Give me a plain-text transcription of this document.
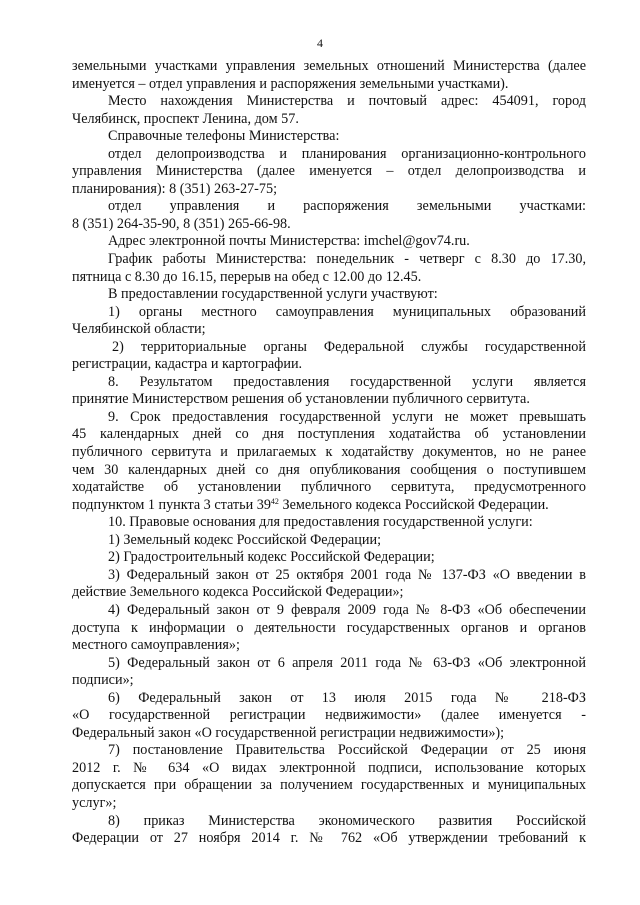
4
земельными участками управления земельных отношений Министерства (далее
именуется – отдел управления и распоряжения земельными участками).
Место нахождения Министерства и почтовый адрес: 454091, город
Челябинск, проспект Ленина, дом 57.
Справочные телефоны Министерства:
отдел делопроизводства и планирования организационно-контрольного
управления Министерства (далее именуется – отдел делопроизводства и
планирования): 8 (351) 263-27-75;
отдел управления и распоряжения земельными участками:
8 (351) 264-35-90, 8 (351) 265-66-98.
Адрес электронной почты Министерства: imchel@gov74.ru.
График работы Министерства: понедельник - четверг с 8.30 до 17.30,
пятница с 8.30 до 16.15, перерыв на обед с 12.00 до 12.45.
В предоставлении государственной услуги участвуют:
1) органы местного самоуправления муниципальных образований
Челябинской области;
2) территориальные органы Федеральной службы государственной
регистрации, кадастра и картографии.
8. Результатом предоставления государственной услуги является
принятие Министерством решения об установлении публичного сервитута.
9. Срок предоставления государственной услуги не может превышать
45 календарных дней со дня поступления ходатайства об установлении
публичного сервитута и прилагаемых к ходатайству документов, но не ранее
чем 30 календарных дней со дня опубликования сообщения о поступившем
ходатайстве об установлении публичного сервитута, предусмотренного
подпунктом 1 пункта 3 статьи $39^{42}$ Земельного кодекса Российской Федерации.
10. Правовые основания для предоставления государственной услуги:
1) Земельный кодекс Российской Федерации;
2) Градостроительный кодекс Российской Федерации;
3) Федеральный закон от 25 октября 2001 года № 137-ФЗ «О введении в
действие Земельного кодекса Российской Федерации»;
4) Федеральный закон от 9 февраля 2009 года № 8-ФЗ «Об обеспечении
доступа к информации о деятельности государственных органов и органов
местного самоуправления»;
5) Федеральный закон от 6 апреля 2011 года № 63-ФЗ «Об электронной
подписи»;
6) Федеральный закон от 13 июля 2015 года № 218-ФЗ
«О государственной регистрации недвижимости» (далее именуется -
Федеральный закон «О государственной регистрации недвижимости»);
7) постановление Правительства Российской Федерации от 25 июня
2012 г. № 634 «О видах электронной подписи, использование которых
допускается при обращении за получением государственных и муниципальных
услуг»;
8) приказ Министерства экономического развития Российской
Федерации от 27 ноября 2014 г. № 762 «Об утверждении требований к
